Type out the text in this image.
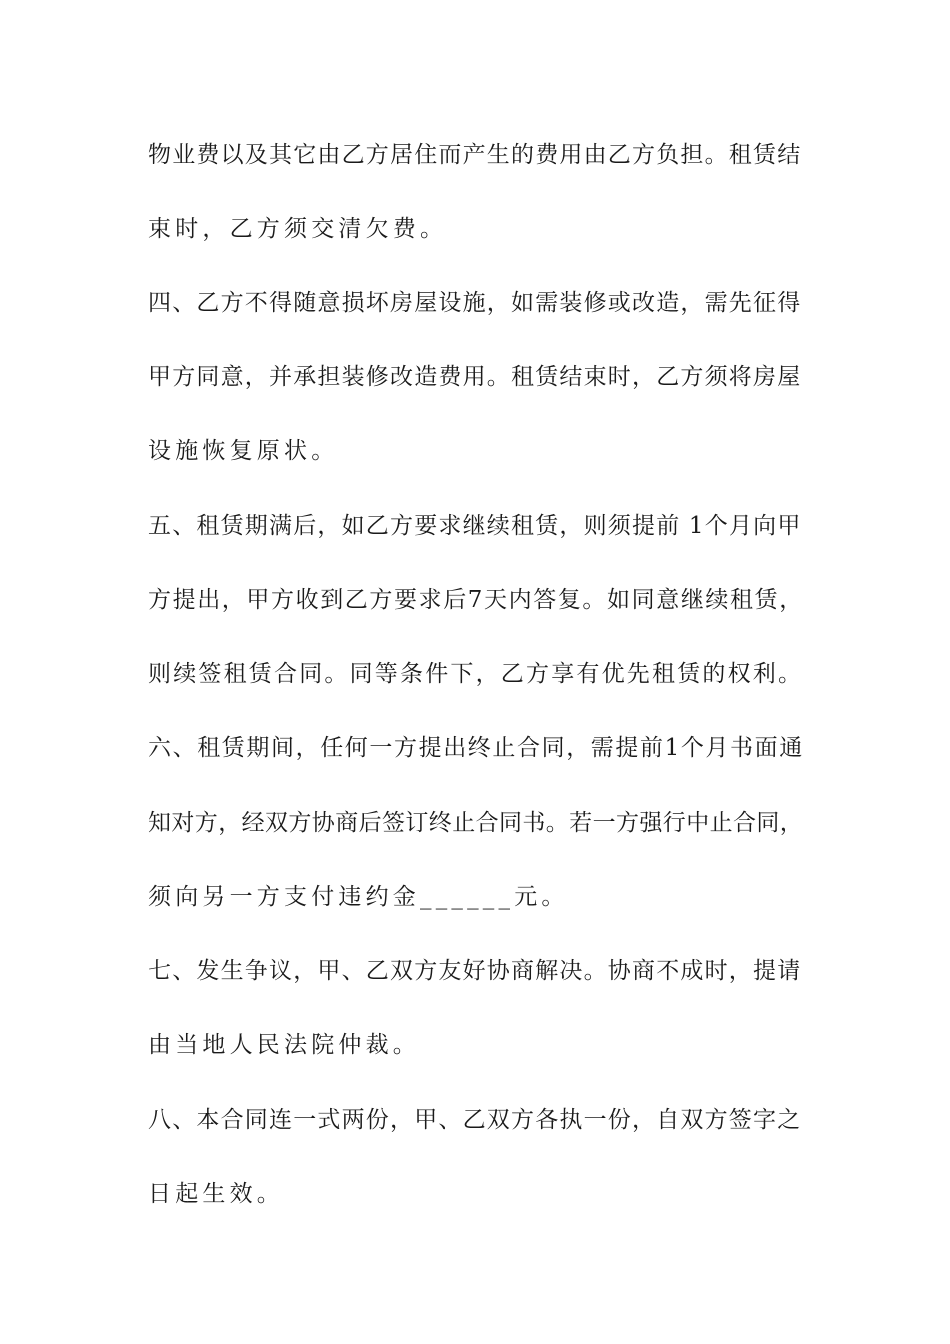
物业费以及其它由乙方居住而产生的费用由乙方负担。租赁结
束时，乙方须交清欠费。
四、乙方不得随意损坏房屋设施，如需装修或改造，需先征得
甲方同意，并承担装修改造费用。租赁结束时，乙方须将房屋
设施恢复原状。
五、租赁期满后，如乙方要求继续租赁，则须提前 1个月向甲
方提出，甲方收到乙方要求后7天内答复。如同意继续租赁，
则续签租赁合同。同等条件下，乙方享有优先租赁的权利。
六、租赁期间，任何一方提出终止合同，需提前1个月书面通
知对方，经双方协商后签订终止合同书。若一方强行中止合同，
须向另一方支付违约金______元。
七、发生争议，甲、乙双方友好协商解决。协商不成时，提请
由当地人民法院仲裁。
八、本合同连一式两份，甲、乙双方各执一份，自双方签字之
日起生效。
